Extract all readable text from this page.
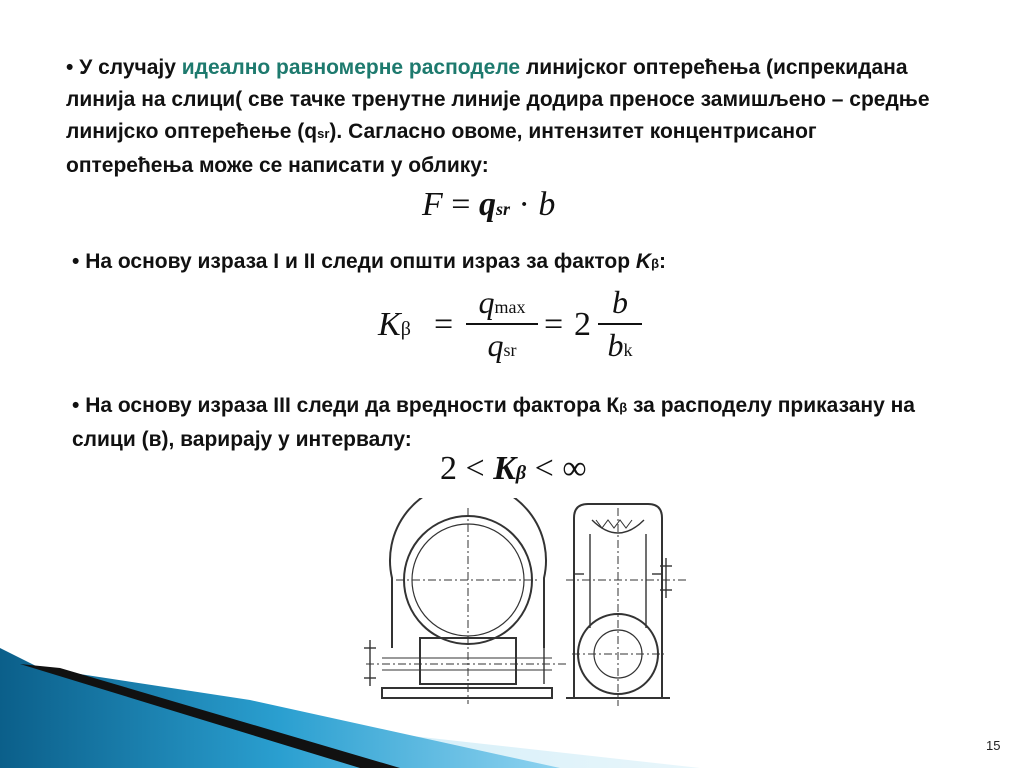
• У случају идеално равномерне расподеле линијског оптерећења (испрекидана линија на слици( све тачке тренутне линије додира преносе замишљено – средње линијско оптерећење (qsr). Сагласно овоме, интензитет концентрисаног оптерећења може се написати у облику:

F = qsr · b

• На основу израза I и II следи општи израз за фактор Kβ:

Kβ =
qmax
qsr
= 2
b
bk

• На основу израза III следи да вредности фактора Кβ за расподелу приказану на слици (в), варирају у интервалу:

2 < Kβ < ∞
15
